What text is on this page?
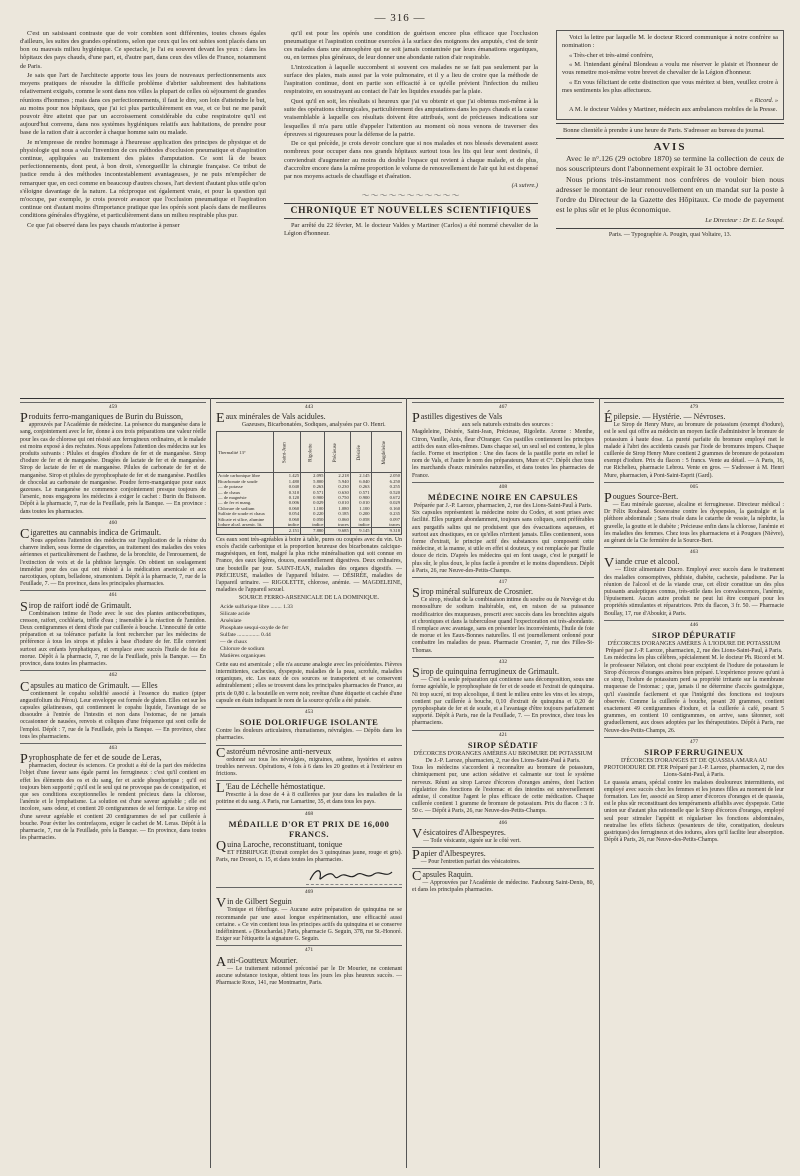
— 316 —

C'est un saisissant contraste que de voir combien sont différentes, toutes choses égales d'ailleurs, les suites des grandes opérations, selon que ceux qui les ont subies sont placés dans un bon ou mauvais milieu hygiénique. Ce spectacle, je l'ai eu souvent devant les yeux : dans les hôpitaux des pays chauds, d'une part, et, d'autre part, dans ceux des villes de France, notamment de Paris.

Je sais que l'art de l'architecte apporte tous les jours de nouveaux perfectionnements aux moyens pratiques de résoudre la difficile problème d'abriter salubrement des habitations relativement exiguës, comme le sont dans nos villes la plupart de celles où séjournent de grandes réunions d'hommes ; mais dans ces perfectionnements, il faut le dire, son loin d'atteindre le but, au moins pour nos hôpitaux, que j'ai ici plus particulièrement en vue, et ce but ne me paraît pouvoir être atteint que par un accroissement considérable du cube respiratoire qu'il est aujourd'hui convenu, dans nos systèmes hygiéniques relatifs aux habitations, de prendre pour base de la ration d'air à accorder à chaque homme sain ou malade.

Je m'empresse de rendre hommage à l'heureuse application des principes de physique et de physiologie qui nous a valu l'invention de ces méthodes d'occlusion pneumatique et d'aspiration continue, appliquées au traitement des plaies d'amputation. Ce sont là de beaux perfectionnements, dont peut, à bon droit, s'enorgueillir la chirurgie française. Ce tribut de justice rendu à des méthodes incontestablement avantageuses, je ne puis m'empêcher de remarquer que, en ceci comme en beaucoup d'autres choses, l'art devient d'autant plus utile qu'on s'éloigne davantage de la nature. La réciproque est également vraie, et pour la question qui m'occupe, par exemple, je crois pouvoir avancer que l'occlusion pneumatique et l'aspiration continue ont d'autant moins d'importance pratique que les opérés sont placés dans de meilleures conditions générales d'hygiène, et particulièrement dans un milieu respirable plus pur.

Ce que j'ai observé dans les pays chauds m'autorise à penser

qu'il est pour les opérés une condition de guérison encore plus efficace que l'occlusion pneumatique et l'aspiration continue exercées à la surface des moignons des amputés, c'est de tenir ces malades dans une atmosphère qui ne soit jamais contaminée par leurs émanations organiques, ou, en termes plus généraux, de leur donner une abondante ration d'air respirable.

L'intoxication à laquelle succombent si souvent ces malades ne se fait pas seulement par la surface des plaies, mais aussi par la voie pulmonaire, et il y a lieu de croire que la méthode de l'aspiration continue, dont en partie son efficacité à ce qu'elle prévient l'infection du milieu respiratoire, en soustrayant au contact de l'air les liquides exsudés par la plaie.

Quoi qu'il en soit, les résultats si heureux que j'ai vu obtenir et que j'ai obtenus moi-même à la suite des opérations chirurgicales, particulièrement des amputations dans les pays chauds et la cause vraisemblable à laquelle ces résultats doivent être attribués, sont de précieuses indications sur lesquelles il m'a paru utile d'appeler l'attention au moment où nous venons de traverser des épreuves si rigoureuses pour la défense de la patrie.

De ce qui précède, je crois devoir conclure que si nos malades et nos blessés devenaient assez nombreux pour occuper dans nos grands hôpitaux surtout tous les lits qui leur sont destinés, il conviendrait d'augmenter au moins du double l'espace qui revient à chaque malade, et de plus, d'accroître encore dans la même proportion le volume de renouvellement de l'air qui lui est dispensé par nos moyens actuels de chauffage et d'aération.

(A suivre.)

〜〜〜〜〜〜〜〜〜〜〜
CHRONIQUE ET NOUVELLES SCIENTIFIQUES

Par arrêté du 22 février, M. le docteur Valdes y Martiner (Carlos) a été nommé chevalier de la Légion d'honneur.

Voici la lettre par laquelle M. le docteur Ricord communique à notre confrère sa nomination :

« Très-cher et très-aimé confrère,

« M. l'intendant général Blondeau a voulu me réserver le plaisir et l'honneur de vous remettre moi-même votre brevet de chevalier de la Légion d'honneur.

« En vous félicitant de cette distinction que vous méritez si bien, veuillez croire à mes sentiments les plus affectueux.

« Ricord. »

A M. le docteur Valdes y Martiner, médecin aux ambulances mobiles de la Presse.

Bonne clientèle à prendre à une heure de Paris. S'adresser au bureau du journal.

AVIS

Avec le n°.126 (29 octobre 1870) se termine la collection de ceux de nos souscripteurs dont l'abonnement expirait le 31 octobre dernier.

Nous prions très-instamment nos confrères de vouloir bien nous adresser le montant de leur renouvellement en un mandat sur la poste à l'ordre du Directeur de la Gazette des Hôpitaux. Ce mode de payement est le plus sûr et le plus économique.

Le Directeur : Dr E. Le Soupd.

Paris. — Typographie A. Pougin, quai Voltaire, 13.
459
Produits ferro-manganiques de Burin du Buisson,

approuvés par l'Académie de médecine. La présence du manganèse dans le sang, conjointement avec le fer, donne à ces trois préparations une valeur réelle pour les cas de chlorose qui ont résisté aux ferrugineux ordinaires, et le malade est moins exposé à des rechutes. Nous appelons l'attention des médecins sur les produits suivants : Pilules et dragées d'iodure de fer et de manganèse. Sirop d'iodure de fer et de manganèse. Dragées de lactate de fer et de manganèse. Sirop de lactate de fer et de manganèse. Pilules de carbonate de fer et de manganèse. Sirop et pilules de pyrophosphate de fer et de manganèse. Pastilles de chocolat au carbonate de manganèse. Poudre ferro-manganique pour eaux gazeuses. Le manganèse ne commence conjointement presque toujours de l'arsenic, nous engageons les médecins à exiger le cachet : Burin du Buisson. Dépôt à la pharmacie, 7, rue de la Feuillade, près la Banque. — En province : dans toutes les pharmacies.

460
Cigarettes au cannabis indica de Grimault.

Nous appelons l'attention des médecins sur l'application de la résine du chanvre indien, sous forme de cigarettes, au traitement des maladies des voies aériennes et particulièrement de l'asthme, de la bronchite, de l'enrouement, de l'extinction de voix et de la phthisie laryngée. On obtient un soulagement immédiat pour des cas qui ont résisté à la médication arsenicale et aux narcotiques, opium, belladone, stramonium. Dépôt à la pharmacie, 7, rue de la Feuillade, 7. — En province, dans les principales pharmacies.

461
Sirop de raifort iodé de Grimault.

Combinaison intime de l'iode avec le suc des plantes antiscorbutiques, cresson, raifort, cochléaria, trèfle d'eau ; insensible à la réaction de l'amidon. Deux centigrammes et demi d'iode par cuillerée à bouche. L'innocuité de cette préparation et sa tolérance parfaite la font rechercher par les médecins de préférence à tous les sirops et pilules à base d'iodure de fer. Elle convient surtout aux enfants lymphatiques, et remplace avec succès l'huile de foie de morue. Dépôt à la pharmacie, 7, rue de la Feuillade, près la Banque. — En province, dans toutes les pharmacies.

462
Capsules au matico de Grimault. — Elles

contiennent le copahu solidifié associé à l'essence du matico (piper angustifolium du Pérou). Leur enveloppe est formée de gluten. Elles ont sur les capsules gélatineuses, qui contiennent le copahu liquide, l'avantage de se dissoudre à l'entrée de l'intestin et non dans l'estomac, de ne jamais occasionner de nausées, renvois et coliques d'une fréquence qui sont celle de l'emploi. Dépôt : 7, rue de la Feuillade, près la Banque. — En province, chez tous les pharmaciens.

463
Pyrophosphate de fer et de soude de Leras,

pharmacien, docteur ès sciences. Ce produit a été de la part des médecins l'objet d'une faveur sans égale parmi les ferrugineux : c'est qu'il contient en effet les éléments des os et du sang, fer et acide phosphorique ; qu'il est toujours bien supporté ; qu'il est le seul qui ne provoque pas de constipation, et que ses conditions exceptionnelles le rendent précieux dans la chlorose, l'anémie et le lymphatisme. La solution est d'une saveur agréable ; elle est incolore, sans odeur, et contient 20 centigrammes de sel ferrique. Le sirop est d'une saveur agréable et contient 20 centigrammes de sel par cuillerée à bouche. Pour éviter les contrefaçons, exiger le cachet de M. Leras. Dépôt à la pharmacie, 7, rue de la Feuillade, près la Banque. — En province, dans toutes les pharmacies.

443
Eaux minérales de Vals acidules.
Gazeuses, Bicarbonatées, Sodiques, analysées par O. Henri.
Thermalité 13°	Saint-Jean	Rigolette	Précieuse	Désirée	Magdeleine
Acide carbonique libre	1.425	2.095	2.218	2.145	2.050
Bicarbonate de soude	1.480	5.800	5.940	6.040	6.250
— de potasse	0.040	0.263	0.230	0.263	0.255
— de chaux	0.310	0.571	0.630	0.571	0.520
— de magnésie	0.120	0.900	0.750	0.900	0.672
— de fer et mang.	0.006	0.029	0.010	0.010	0.029
Chlorure de sodium	0.060	1.100	1.080	1.100	0.160
Sulfate de soude et chaux	0.054	0.220	0.185	0.200	0.235
Silicate et silice, alumine	0.060	0.050	0.060	0.058	0.097
Iodure alcal. arsenic. lit.	indice	indice	traces	indice	traces
	2.151	7.880	9.685	9.145	9.318

Ces eaux sont très-agréables à boire à table, pures ou coupées avec du vin. Un excès d'acide carbonique et la proportion heureuse des bicarbonates calcique-magnésiques, en font, malgré la plus riche minéralisation qui soit connue en France, des eaux légères, douces, essentiellement digestives. Deux ordinaires, une bouteille par jour. SAINT-JEAN, maladies des organes digestifs. — PRÉCIEUSE, maladies de l'appareil biliaire. — DÉSIRÉE, maladies de l'appareil urinaire. — RIGOLETTE, chlorose, anémie. — MAGDELEINE, maladies de l'appareil sexuel.

SOURCE FERRO-ARSENICALE DE LA DOMINIQUE.
Acide sulfurique libre ........ 1.33
Silicate acide
Arséniate
Phosphate sesqui-oxyde de fer
Sulfate ................ 0.44
— de chaux
Chlorure de sodium
Matières organiques

Cette eau est arsenicale ; elle n'a aucune analogie avec les précédentes. Fièvres intermittentes, cachexies, dyspepsie, maladies de la peau, scrofule, maladies organiques, etc. Les eaux de ces sources se transportent et se conservent admirablement ; elles se trouvent dans les principales pharmacies de France, au prix de 0,80 c. la bouteille en verre noir, revêtue d'une étiquette et cachée d'une capsule en étain indiquant le nom de la source qu'elle a été puisée.

453
SOIE DOLORIFUGE ISOLANTE

Contre les douleurs articulaires, rhumatismes, névralgies. — Dépôts dans les pharmacies.

Castoréum névrosine anti-nerveux

ordonné sur tous les névralgies, migraines, asthme, hystéries et autres troubles nerveux. Opérations, 4 fois à 6 dans les 20 gouttes et à l'extérieur en frictions.

L 'Eau de Léchelle hémostatique.

Prescrite à la dose de 4 à 8 cuillerées par jour dans les maladies de la poitrine et du sang. A Paris, rue Lamartine, 35, et dans tous les pays.

468
MÉDAILLE D'OR ET PRIX DE 16,000 FRANCS.
Quina Laroche, reconstituant, tonique

ET FÉBRIFUGE (Extrait complet des 3 quinquinas jaune, rouge et gris). Paris, rue Drouot, n. 15, et dans toutes les pharmacies.

469
Vin de Gilbert Seguin

Tonique et fébrifuge. — Aucune autre préparation de quinquina ne se recommande par une aussi longue expérimentation, une efficacité aussi certaine. « Ce vin contient tous les principes actifs du quinquina et se conserve indéfiniment. » (Bouchardat.) Paris, pharmacie G. Seguin, 378, rue St.-Honoré. Exiger sur l'étiquette la signature G. Seguin.

471
Anti-Goutteux Mourier.

— Le traitement rationnel préconisé par le Dr Mourier, ne contenant aucune substance toxique, obtient tous les jours les plus heureux succès. — Pharmacie Roux, 141, rue Montmartre, Paris.

467
Pastilles digestives de Vals
aux sels naturels extraits des sources :

Magdeleine, Désirée, Saint-Jean, Précieuse, Rigolette. Arome : Menthe, Citron, Vanille, Anis, fleur d'Oranger. Ces pastilles contiennent les principes actifs des eaux elles-mêmes. Dans chaque sel, un seul sel est contenu, le plus facile. Forme et inscription : Une des faces de la pastille porte en relief le nom de Vals, et l'autre le nom des préparateurs, Mure et C°. Dépôt chez tous les marchands d'eaux minérales naturelles, et dans toutes les pharmacies de France.

408
MÉDECINE NOIRE EN CAPSULES
Préparée par J.-P. Laroze, pharmacien, 2, rue des Lions-Saint-Paul à Paris.

Six capsules représentent la médecine noire du Codex, et sont prises avec facilité. Elles purgent abondamment, toujours sans coliques, sont préférables aux purgatifs salins qui ne produisent que des évacuations aqueuses, et surtout aux drastiques, en ce qu'elles n'irritent jamais. Elles contiennent, sous forme d'extrait, le principe actif des substances qui composent cette médecine, et la manne, si utile en effet si douteux, y est remplacée par l'huile douce de ricin. D'après les médecins qui en font usage, c'est le purgatif le plus sûr, le plus doux, le plus facile à prendre et le moins dispendieux. Dépôt à Paris, 26, rue Neuve-des-Petits-Champs.

417
Sirop minéral sulfureux de Crosnier.

Ce sirop, résultat de la combinaison intime du soufre ou de Norvège et du monosulfure de sodium inaltérable, est, en raison de sa puissance modificatrice des muqueuses, prescrit avec succès dans les bronchites aiguës et chroniques et dans la tuberculose quand l'expectoration est très-abondante. Il remplace avec avantage, sans en présenter les inconvénients, l'huile de foie de morue et les Eaux-Bonnes naturelles. Il est journellement ordonné pour combattre les maladies de peau. Pharmacie Crosnier, 7, rue des Filles-St-Thomas.

432
Sirop de quinquina ferrugineux de Grimault.

— C'est la seule préparation qui contienne sans décomposition, sous une forme agréable, le pyrophosphate de fer et de soude et l'extrait de quinquina. Ni trop sucré, ni trop alcoolique, il tient le milieu entre les vins et les sirops, contient par cuillerée à bouche, 0,10 d'extrait de quinquina et 0,20 de pyrophosphate de fer et de soude, et a l'avantage d'être toujours parfaitement supporté. Dépôt à Paris, rue de la Feuillade, 7. — En province, chez tous les pharmaciens.

421
SIROP SÉDATIF
D'ÉCORCES D'ORANGES AMÈRES AU BROMURE DE POTASSIUM De J.-P. Laroze, pharmacien, 2, rue des Lions-Saint-Paul à Paris.

Tous les médecins s'accordent à reconnaître au bromure de potassium, chimiquement pur, une action sédative et calmante sur tout le système nerveux. Réuni au sirop Laroze d'écorces d'oranges amères, dont l'action régulatrice des fonctions de l'estomac et des intestins est universellement admise, il constitue l'agent le plus efficace de cette médication. Chaque cuillerée contient 1 gramme de bromure de potassium. Prix du flacon : 3 fr. 50 c. — Dépôt à Paris, 26, rue Neuve-des-Petits-Champs.

466
Vésicatoires d'Albespeyres.

— Toile vésicante, signée sur le côté vert.

Papier d'Albespeyres.

— Pour l'entretien parfait des vésicatoires.

Capsules Raquin.

— Approuvées par l'Académie de médecine. Faubourg Saint-Denis, 80, et dans les principales pharmacies.

479
Épilepsie. — Hystérie. — Névroses.

Le Sirop de Henry Mure, au bromure de potassium (exempt d'iodure), est le seul qui offre au médecin un moyen facile d'administrer le bromure de potassium à haute dose. La pureté parfaite du bromure employé met le malade à l'abri des accidents causés par l'iode de bromures impurs. Chaque cuillerée de Sirop Henry Mure contient 2 grammes de bromure de potassium exempt d'iodure. Prix du flacon : 5 francs. Vente au détail. — A Paris, 16, rue Richelieu, pharmacie Lebrou. Vente en gros. — S'adresser à M. Henri Mure, pharmacien, à Pont-Saint-Esprit (Gard).

005
Pougues Source-Bert.

— Eau minérale gazeuse, alcaline et ferrugineuse. Directeur médical : Dr Félix Roubaud. Souveraine contre les dyspepsies, la gastralgie et la pléthore abdominale ; Sans rivale dans le catarrhe de vessie, la néphrite, la gravelle, la goutte et le diabète ; Précieuse enfin dans la chlorose, l'anémie et les maladies des femmes. Chez tous les pharmaciens et à Pougues (Nièvre), au gérant de la Cie fermière de la Source-Bert.

463
Viande crue et alcool.

— Élixir alimentaire Ducro. Employé avec succès dans le traitement des maladies consomptives, phthisie, diabète, cachexie, paludisme. Par la réunion de l'alcool et de la viande crue, cet élixir constitue un des plus puissants analeptiques connus, très-utile dans les convalescences, l'anémie, l'épuisement. Aucun autre produit ne peut lui être comparé pour les propriétés stimulantes et réparatrices. Prix du flacon, 3 fr. 50. — Pharmacie Boullay, 17, rue d'Aboukir, à Paris.

446
SIROP DÉPURATIF
D'ÉCORCES D'ORANGES AMÈRES À L'IODURE DE POTASSIUM Préparé par J.-P. Laroze, pharmacien, 2, rue des Lions-Saint-Paul, à Paris.

Les médecins les plus célèbres, spécialement M. le docteur Ph. Ricord et M. le professeur Nélaton, ont choisi pour excipient de l'iodure de potassium le Sirop d'écorces d'oranges amères bien préparé. L'expérience prouve qu'uni à ce sirop, l'iodure de potassium perd sa propriété irritante sur la membrane muqueuse de l'estomac ; que, jamais il ne détermine d'accès gastralgique, qu'il s'assimile facilement et que l'intégrité des fonctions est toujours observée. Comme la cuillerée à bouche, pesant 20 grammes, contient exactement 49 centigrammes d'iodure, et la cuillerée à café, pesant 5 grammes, en contient 10 centigrammes, on arrive, sans tâtonner, soit graduellement, aux doses adoptées par les thérapeutistes. Dépôt à Paris, rue Neuve-des-Petits-Champs, 26.

477
SIROP FERRUGINEUX
D'ÉCORCES D'ORANGES ET DE QUASSIA AMARA AU PROTOIODURE DE FER Préparé par J.-P. Laroze, pharmacien, 2, rue des Lions-Saint-Paul, à Paris.

Le quassia amara, spécial contre les malaises douloureux intermittents, est employé avec succès chez les femmes et les jeunes filles au moment de leur formation. Les fer, associé au Sirop amer d'écorces d'oranges et de quassia, est le plus sûr reconstituant des tempéraments affaiblis avec dyspepsie. Cette union sur d'autant plus rationnelle que le Sirop d'écorces d'oranges, employé seul pour stimuler l'appétit et régulariser les fonctions abdominales, neutralise les effets fâcheux (pesanteurs de tête, constipation, douleurs gastriques) des ferrugineux et des iodures, alors qu'il facilite leur absorption. Dépôt à Paris, 26, rue Neuve-des-Petits-Champs.
